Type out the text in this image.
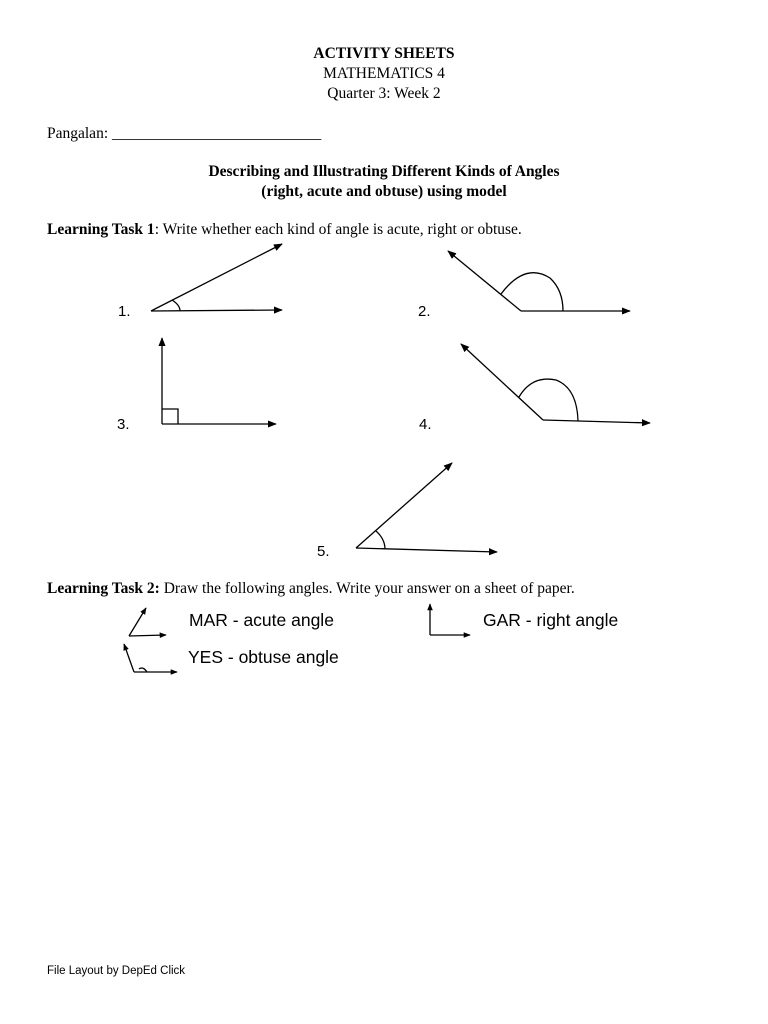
ACTIVITY SHEETS
MATHEMATICS 4
Quarter 3: Week 2
Pangalan: ___________________________
Describing and Illustrating Different Kinds of Angles
(right, acute and obtuse) using model
Learning Task 1: Write whether each kind of angle is acute, right or obtuse.
1.	2.
3.	4.
5.
Learning Task 2: Draw the following angles. Write your answer on a sheet of paper.
MAR - acute angle	GAR - right angle
YES - obtuse angle
File Layout by DepEd Click
